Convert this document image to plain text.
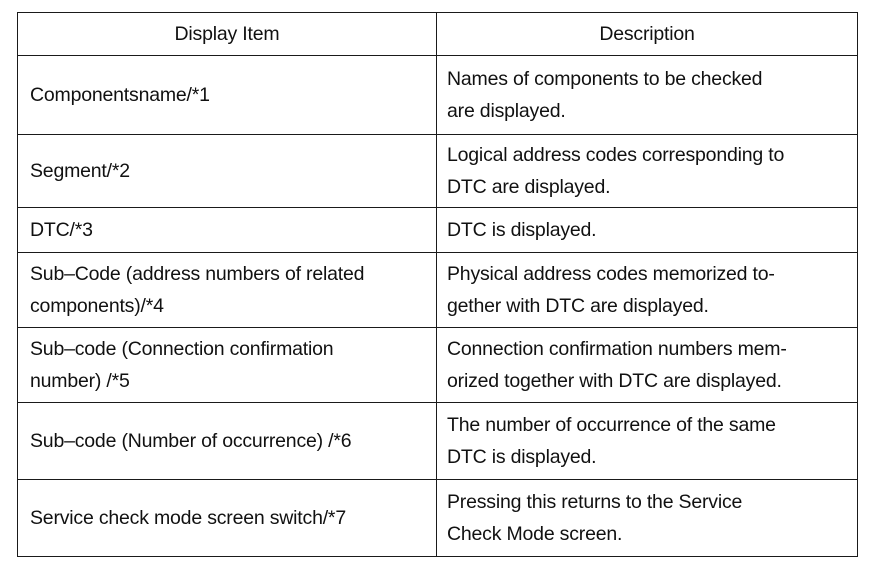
Display Item	Description
Componentsname/*1	Names of components to be checked
are displayed.
Segment/*2	Logical address codes corresponding to
DTC are displayed.
DTC/*3	DTC is displayed.
Sub–Code (address numbers of related
components)/*4	Physical address codes memorized to-
gether with DTC are displayed.
Sub–code (Connection confirmation
number) /*5	Connection confirmation numbers mem-
orized together with DTC are displayed.
Sub–code (Number of occurrence) /*6	The number of occurrence of the same
DTC is displayed.
Service check mode screen switch/*7	Pressing this returns to the Service
Check Mode screen.
